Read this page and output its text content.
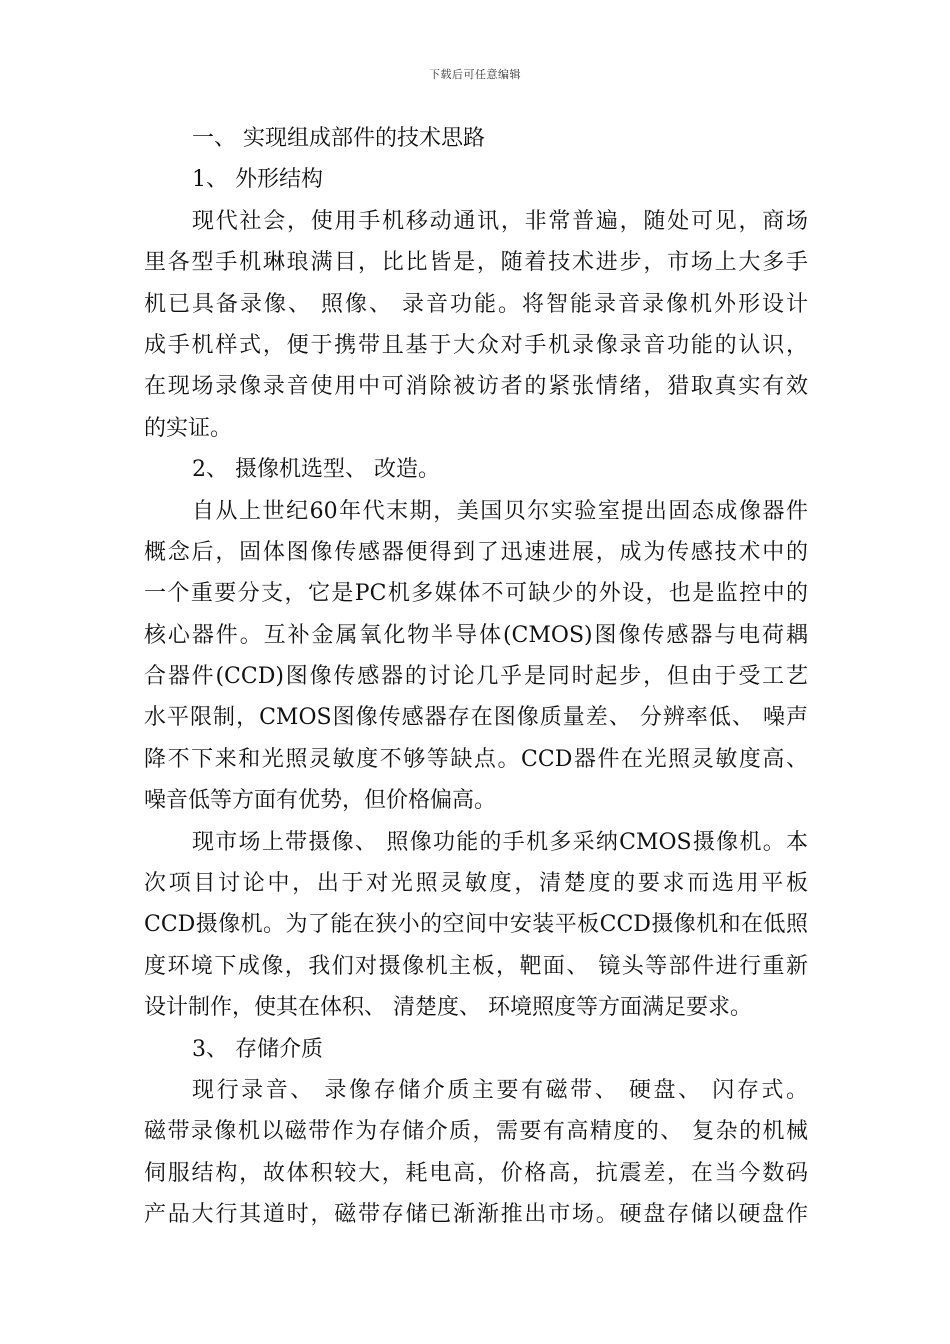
下载后可任意编辑
一、 实现组成部件的技术思路
1、 外形结构
现代社会，使用手机移动通讯，非常普遍，随处可见，商场
里各型手机琳琅满目，比比皆是，随着技术进步，市场上大多手
机已具备录像、 照像、 录音功能。将智能录音录像机外形设计
成手机样式，便于携带且基于大众对手机录像录音功能的认识，
在现场录像录音使用中可消除被访者的紧张情绪，猎取真实有效
的实证。
2、 摄像机选型、 改造。
自从上世纪60年代末期，美国贝尔实验室提出固态成像器件
概念后，固体图像传感器便得到了迅速进展，成为传感技术中的
一个重要分支，它是PC机多媒体不可缺少的外设，也是监控中的
核心器件。互补金属氧化物半导体(CMOS)图像传感器与电荷耦
合器件(CCD)图像传感器的讨论几乎是同时起步，但由于受工艺
水平限制，CMOS图像传感器存在图像质量差、 分辨率低、 噪声
降不下来和光照灵敏度不够等缺点。CCD器件在光照灵敏度高、
噪音低等方面有优势，但价格偏高。
现市场上带摄像、 照像功能的手机多采纳CMOS摄像机。本
次项目讨论中，出于对光照灵敏度，清楚度的要求而选用平板
CCD摄像机。为了能在狭小的空间中安装平板CCD摄像机和在低照
度环境下成像，我们对摄像机主板，靶面、 镜头等部件进行重新
设计制作，使其在体积、 清楚度、 环境照度等方面满足要求。
3、 存储介质
现行录音、 录像存储介质主要有磁带、 硬盘、 闪存式。
磁带录像机以磁带作为存储介质，需要有高精度的、 复杂的机械
伺服结构，故体积较大，耗电高，价格高，抗震差，在当今数码
产品大行其道时，磁带存储已渐渐推出市场。硬盘存储以硬盘作
